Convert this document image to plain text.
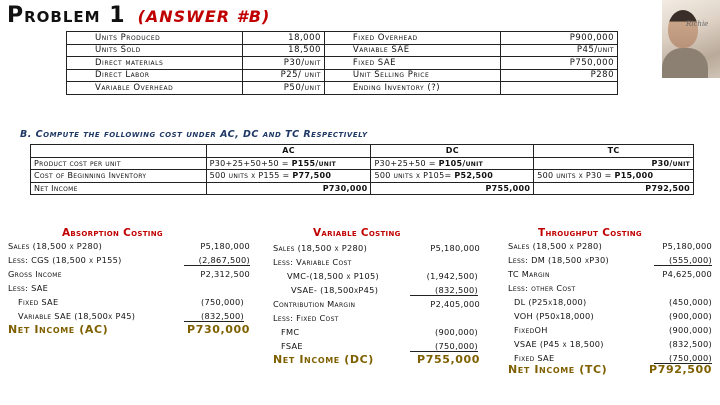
Problem 1 (ANSWER #B)	Richie
Units Produced	18,000	Fixed Overhead	P900,000
Units Sold	18,500	Variable SAE	P45/unit
Direct materials	P30/unit	Fixed SAE	P750,000
Direct Labor	P25/ unit	Unit Selling Price	P280
Variable Overhead	P50/unit	Ending Inventory (?)	
B. Compute the following cost under AC, DC and TC Respectively
	AC	DC	TC
Product cost per unit	P30+25+50+50 = P155/unit	P30+25+50 = P105/unit	P30/unit
Cost of Beginning Inventory	500 units x P155 = P77,500	500 units x P105= P52,500	500 units x P30 = P15,000
Net Income	P730,000	P755,000	P792,500
Absorption Costing
Sales (18,500 x P280)	P5,180,000
Less: CGS (18,500 x P155)	(2,867,500)
Gross Income	P2,312,500
Less: SAE
Fixed SAE	(750,000)
Variable SAE (18,500x P45)	(832,500)
Net Income (AC)	P730,000
Variable Costing
Sales (18,500 x P280)	P5,180,000
Less: Variable Cost
VMC-(18,500 x P105)	(1,942,500)
VSAE- (18,500xP45)	(832,500)
Contribution Margin	P2,405,000
Less: Fixed Cost
FMC	(900,000)
FSAE	(750,000)
Net Income (DC)	P755,000
Throughput Costing
Sales (18,500 x P280)	P5,180,000
Less: DM (18,500 xP30)	(555,000)
TC Margin	P4,625,000
Less: other Cost
DL (P25x18,000)	(450,000)
VOH (P50x18,000)	(900,000)
FixedOH	(900,000)
VSAE (P45 x 18,500)	(832,500)
Fixed SAE	(750,000)
Net Income (TC)	P792,500
